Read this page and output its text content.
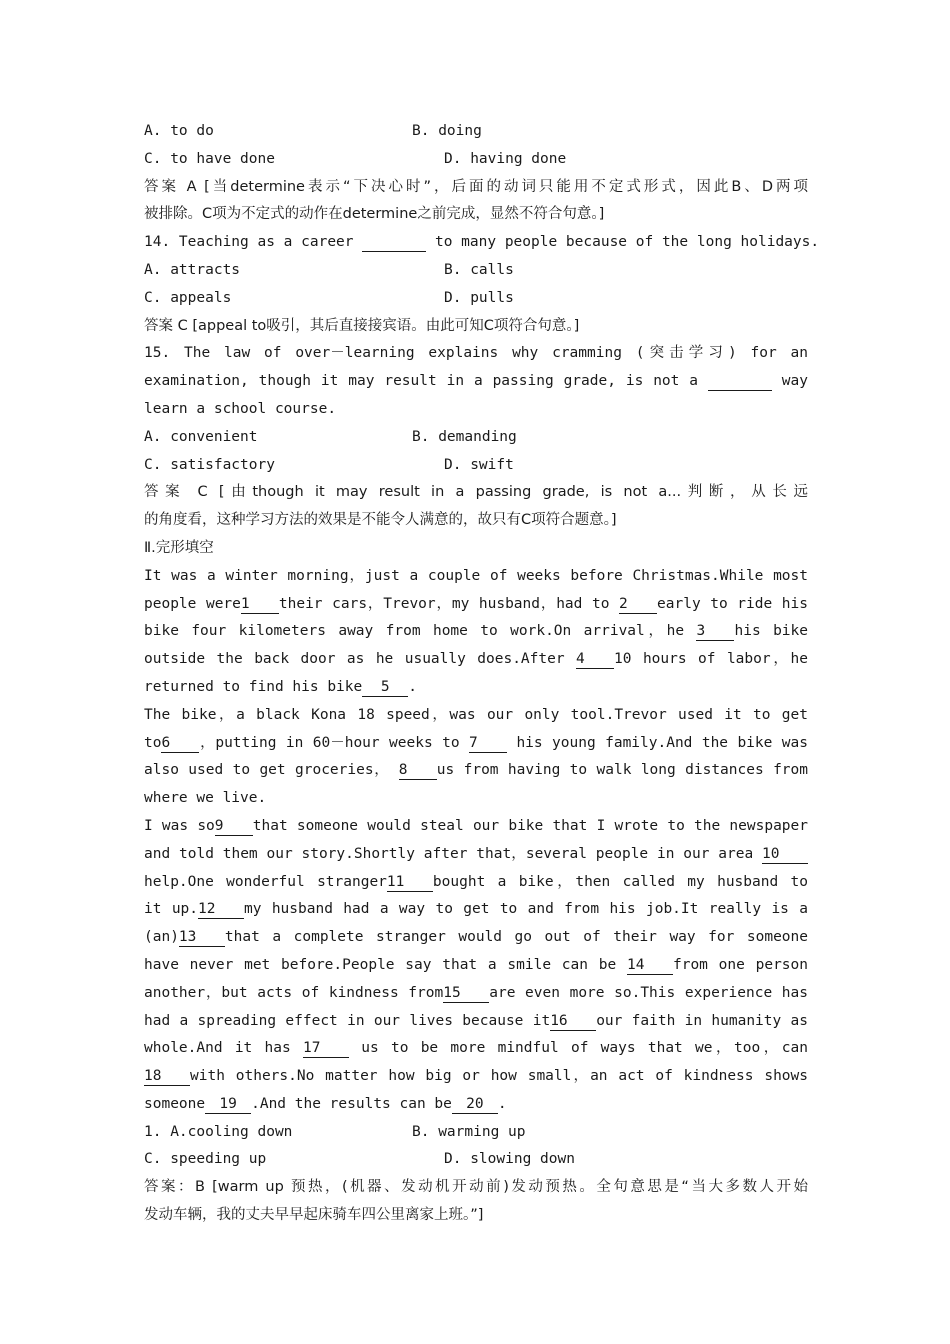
A. to do	B. doing
C. to have done	D. having done
答案 A [当determine表示“下决心时”，后面的动词只能用不定式形式，因此B、D两项
被排除。C项为不定式的动作在determine之前完成，显然不符合句意。]
14. Teaching as a career	to many people because of the long holidays.
A. attracts	B. calls
C. appeals	D. pulls
答案 C [appeal to吸引，其后直接接宾语。由此可知C项符合句意。]
15. The law of over－learning explains why cramming (突击学习) for an
examination, though it may result in a passing grade, is not a	way
learn a school course.
A. convenient	B. demanding
C. satisfactory	D. swift
答案 C [由though it may result in a passing grade, is not a...判断，从长远
的角度看，这种学习方法的效果是不能令人满意的，故只有C项符合题意。]
Ⅱ.完形填空
It was a winter morning，just a couple of weeks before Christmas.While most
people were1 their cars，Trevor，my husband，had to 2 early to ride his
bike four kilometers away from home to work.On arrival，he 3 his bike
outside the back door as he usually does.After 4 10 hours of labor，he
returned to find his bike 5 .
The bike，a black Kona 18 speed，was our only tool.Trevor used it to get
to6 ，putting in 60－hour weeks to 7	his young family.And the bike was
also used to get groceries， 8 us from having to walk long distances from
where we live.
I was so9 that someone would steal our bike that I wrote to the newspaper
and told them our story.Shortly after that，several people in our area 10
help.One wonderful stranger11 bought a bike，then called my husband to
it up.12 my husband had a way to get to and from his job.It really is a
(an)13 that a complete stranger would go out of their way for someone
have never met before.People say that a smile can be 14 from one person
another，but acts of kindness from15 are even more so.This experience has
had a spreading effect in our lives because it16 our faith in humanity as
whole.And it has 17	us to be more mindful of ways that we，too，can
18 with others.No matter how big or how small，an act of kindness shows
someone 19 .And the results can be 20 .
1. A.cooling down	B. warming up
C. speeding up	D. slowing down
答案：B [warm up 预热，(机器、发动机开动前)发动预热。全句意思是“当大多数人开始
发动车辆，我的丈夫早早起床骑车四公里离家上班。”]
